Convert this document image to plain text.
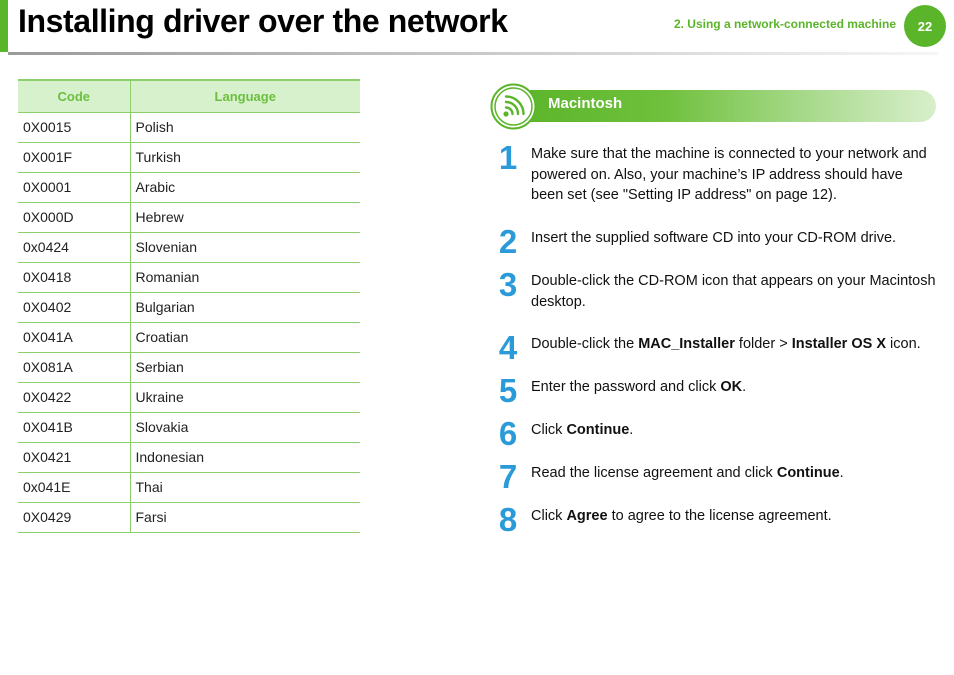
Installing driver over the network	2. Using a network-connected machine	22
Code	Language
0X0015	Polish
0X001F	Turkish
0X0001	Arabic
0X000D	Hebrew
0x0424	Slovenian
0X0418	Romanian
0X0402	Bulgarian
0X041A	Croatian
0X081A	Serbian
0X0422	Ukraine
0X041B	Slovakia
0X0421	Indonesian
0x041E	Thai
0X0429	Farsi
Macintosh
1 Make sure that the machine is connected to your network and powered on. Also, your machine’s IP address should have been set (see "Setting IP address" on page 12).
2 Insert the supplied software CD into your CD-ROM drive.
3 Double-click the CD-ROM icon that appears on your Macintosh desktop.
4 Double-click the MAC_Installer folder > Installer OS X icon.
5 Enter the password and click OK.
6 Click Continue.
7 Read the license agreement and click Continue.
8 Click Agree to agree to the license agreement.
